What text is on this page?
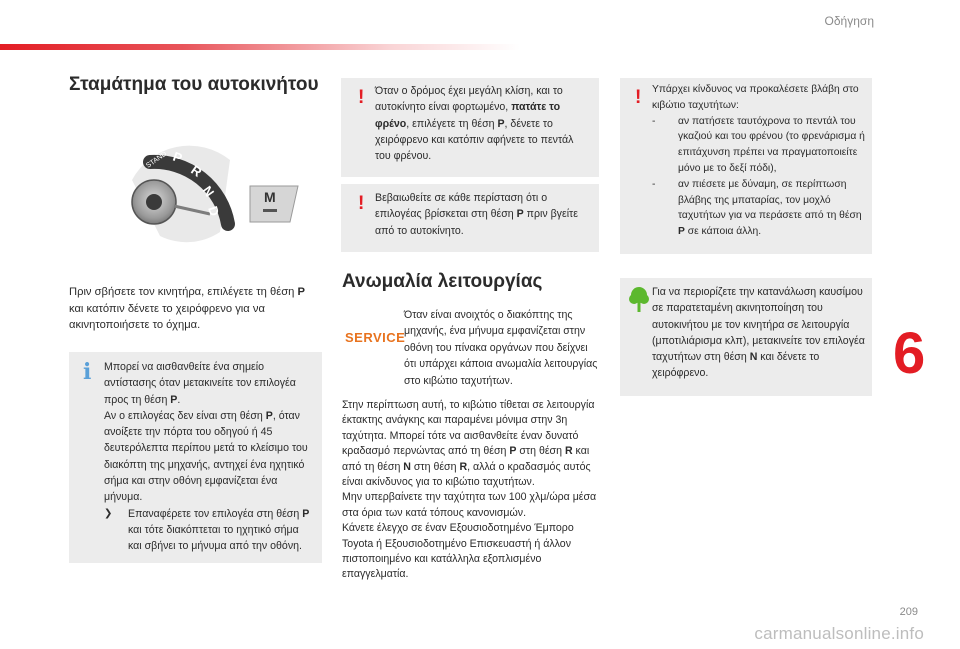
Οδήγηση
209
6
carmanualsonline.info
Σταμάτημα του αυτοκινήτου
STAND P
R
N
D
M

Πριν σβήσετε τον κινητήρα, επιλέγετε τη θέση P και κατόπιν δένετε το χειρόφρενο για να ακινητοποιήσετε το όχημα.

i Μπορεί να αισθανθείτε ένα σημείο αντίστασης όταν μετακινείτε τον επιλογέα προς τη θέση P.
Αν ο επιλογέας δεν είναι στη θέση P, όταν ανοίξετε την πόρτα του οδηγού ή 45 δευτερόλεπτα περίπου μετά το κλείσιμο του διακόπτη της μηχανής, αντηχεί ένα ηχητικό σήμα και στην οθόνη εμφανίζεται ένα μήνυμα.
❯ Επαναφέρετε τον επιλογέα στη θέση P και τότε διακόπτεται το ηχητικό σήμα και σβήνει το μήνυμα από την οθόνη.
! Όταν ο δρόμος έχει μεγάλη κλίση, και το αυτοκίνητο είναι φορτωμένο, πατάτε το φρένο, επιλέγετε τη θέση P, δένετε το χειρόφρενο και κατόπιν αφήνετε το πεντάλ του φρένου.
! Βεβαιωθείτε σε κάθε περίσταση ότι ο επιλογέας βρίσκεται στη θέση P πριν βγείτε από το αυτοκίνητο.
Ανωμαλία λειτουργίας
SERVICE

Όταν είναι ανοιχτός ο διακόπτης της μηχανής, ένα μήνυμα εμφανίζεται στην οθόνη του πίνακα οργάνων που δείχνει ότι υπάρχει κάποια ανωμαλία λειτουργίας στο κιβώτιο ταχυτήτων.

Στην περίπτωση αυτή, το κιβώτιο τίθεται σε λειτουργία έκτακτης ανάγκης και παραμένει μόνιμα στην 3η ταχύτητα. Μπορεί τότε να αισθανθείτε έναν δυνατό κραδασμό περνώντας από τη θέση P στη θέση R και από τη θέση N στη θέση R, αλλά ο κραδασμός αυτός είναι ακίνδυνος για το κιβώτιο ταχυτήτων.
Μην υπερβαίνετε την ταχύτητα των 100 χλμ/ώρα μέσα στα όρια των κατά τόπους κανονισμών.
Κάνετε έλεγχο σε έναν Εξουσιοδοτημένο Έμπορο Toyota ή Εξουσιοδοτημένο Επισκευαστή ή άλλον πιστοποιημένο και κατάλληλα εξοπλισμένο επαγγελματία.
! Υπάρχει κίνδυνος να προκαλέσετε βλάβη στο κιβώτιο ταχυτήτων:
- αν πατήσετε ταυτόχρονα το πεντάλ του γκαζιού και του φρένου (το φρενάρισμα ή επιτάχυνση πρέπει να πραγματοποιείτε μόνο με το δεξί πόδι),
- αν πιέσετε με δύναμη, σε περίπτωση βλάβης της μπαταρίας, τον μοχλό ταχυτήτων για να περάσετε από τη θέση P σε κάποια άλλη.
Για να περιορίζετε την κατανάλωση καυσίμου σε παρατεταμένη ακινητοποίηση του αυτοκινήτου με τον κινητήρα σε λειτουργία (μποτιλιάρισμα κλπ), μετακινείτε τον επιλογέα ταχυτήτων στη θέση N και δένετε το χειρόφρενο.
